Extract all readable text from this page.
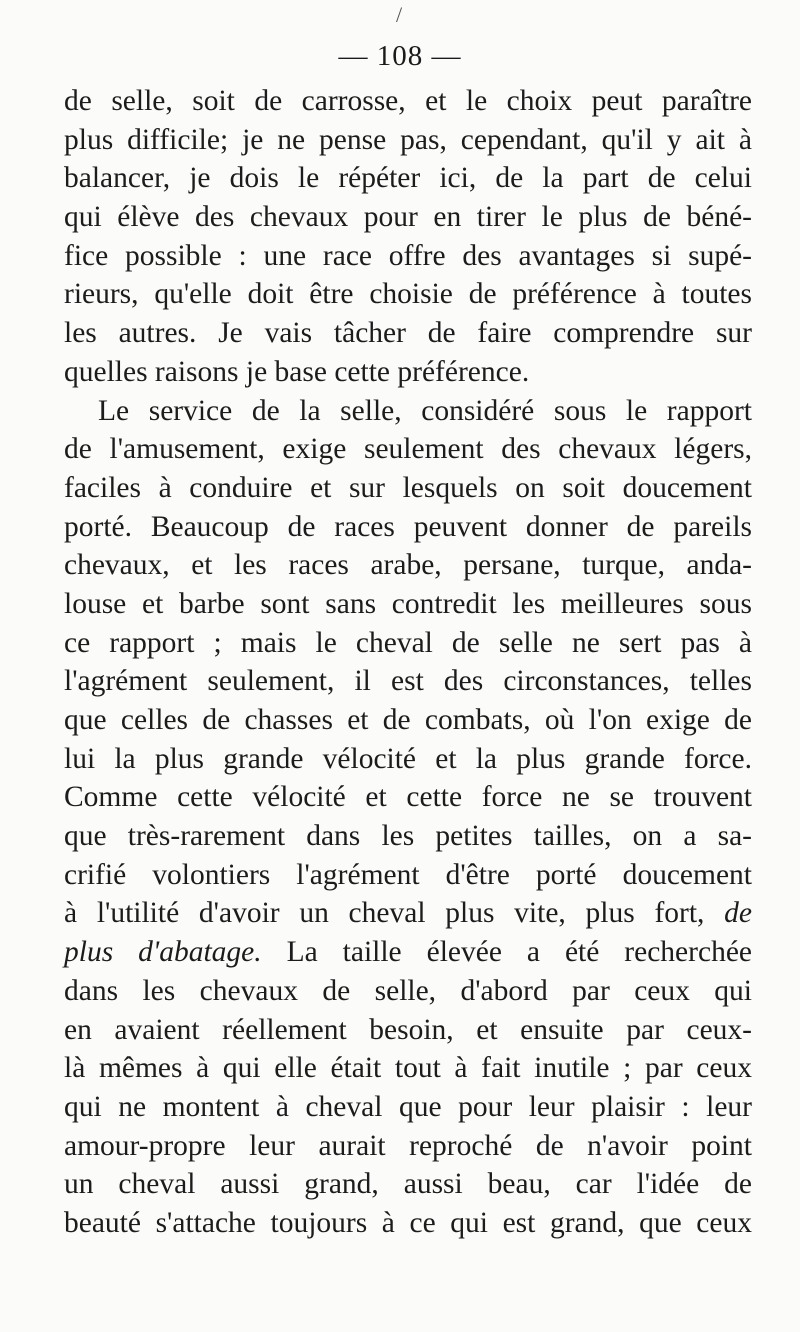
/
— 108 —
de selle, soit de carrosse, et le choix peut paraître
plus difficile; je ne pense pas, cependant, qu'il y ait à
balancer, je dois le répéter ici, de la part de celui
qui élève des chevaux pour en tirer le plus de béné-
fice possible : une race offre des avantages si supé-
rieurs, qu'elle doit être choisie de préférence à toutes
les autres. Je vais tâcher de faire comprendre sur
quelles raisons je base cette préférence.
Le service de la selle, considéré sous le rapport
de l'amusement, exige seulement des chevaux légers,
faciles à conduire et sur lesquels on soit doucement
porté. Beaucoup de races peuvent donner de pareils
chevaux, et les races arabe, persane, turque, anda-
louse et barbe sont sans contredit les meilleures sous
ce rapport ; mais le cheval de selle ne sert pas à
l'agrément seulement, il est des circonstances, telles
que celles de chasses et de combats, où l'on exige de
lui la plus grande vélocité et la plus grande force.
Comme cette vélocité et cette force ne se trouvent
que très-rarement dans les petites tailles, on a sa-
crifié volontiers l'agrément d'être porté doucement
à l'utilité d'avoir un cheval plus vite, plus fort, de
plus d'abatage. La taille élevée a été recherchée
dans les chevaux de selle, d'abord par ceux qui
en avaient réellement besoin, et ensuite par ceux-
là mêmes à qui elle était tout à fait inutile ; par ceux
qui ne montent à cheval que pour leur plaisir : leur
amour-propre leur aurait reproché de n'avoir point
un cheval aussi grand, aussi beau, car l'idée de
beauté s'attache toujours à ce qui est grand, que ceux
